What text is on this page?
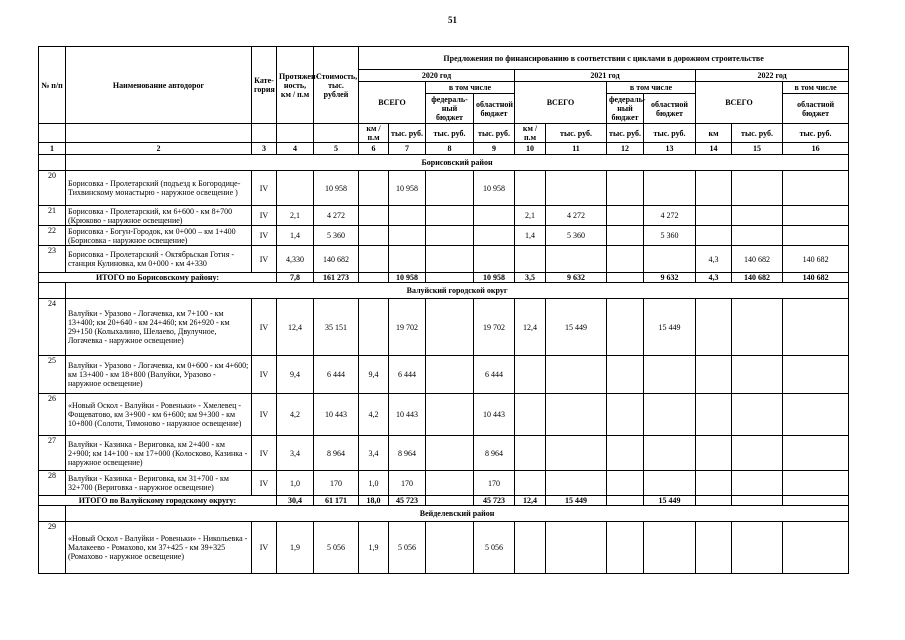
51
№ п/п	Наименование автодорог	Кате-гория	Протяжен-ность, км / п.м	Стоимость, тыс. рублей	Предложения по финансированию в соответствии с циклами в дорожном строительстве										
					2020 год				2021 год				2022 год		
					ВСЕГО		в том числе		ВСЕГО		в том числе		ВСЕГО		в том числе
							федераль-ный бюджет	областной бюджет			федераль-ный бюджет	областной бюджет			областной бюджет
					км / п.м	тыс. руб.	тыс. руб.	тыс. руб.	км / п.м	тыс. руб.	тыс. руб.	тыс. руб.	км	тыс. руб.	тыс. руб.
1	2	3	4	5	6	7	8	9	10	11	12	13	14	15	16
	Борисовский район														
20	Борисовка - Пролетарский (подъезд к Богородице-Тихвинскому монастырю - наружное освещение )	IV		10 958		10 958		10 958							
21	Борисовка - Пролетарский, км 6+600 - км 8+700 (Крюково - наружное освещение)	IV	2,1	4 272					2,1	4 272		4 272			
22	Борисовка - Богун-Городок, км 0+000 – км 1+400 (Борисовка - наружное освещение)	IV	1,4	5 360					1,4	5 360		5 360			
23	Борисовка - Пролетарский - Октябрьская Готня - станция Кулиновка, км 0+000 - км 4+330	IV	4,330	140 682									4,3	140 682	140 682
ИТОГО по Борисовскому району:			7,8	161 273		10 958		10 958	3,5	9 632		9 632	4,3	140 682	140 682
	Валуйский городской округ														
24	Валуйки - Уразово - Логачевка, км 7+100 - км 13+400; км 20+640 - км 24+460; км 26+920 - км 29+150 (Колыхалино, Шелаево, Двулучное, Логачевка - наружное освещение)	IV	12,4	35 151		19 702		19 702	12,4	15 449		15 449			
25	Валуйки - Уразово - Логачевка, км 0+600 - км 4+600; км 13+400 - км 18+800 (Валуйки, Уразово - наружное освещение)	IV	9,4	6 444	9,4	6 444		6 444							
26	«Новый Оскол - Валуйки - Ровеньки» - Хмелевец - Фощеватово, км 3+900 - км 6+600; км 9+300 - км 10+800 (Солоти, Тимоново - наружное освещение)	IV	4,2	10 443	4,2	10 443		10 443							
27	Валуйки - Казинка - Вериговка, км 2+400 - км 2+900; км 14+100 - км 17+000 (Колосково, Казинка - наружное освещение)	IV	3,4	8 964	3,4	8 964		8 964							
28	Валуйки - Казинка - Вериговка, км 31+700 - км 32+700 (Вериговка - наружное освещение)	IV	1,0	170	1,0	170		170							
ИТОГО по Валуйскому городскому округу:			30,4	61 171	18,0	45 723		45 723	12,4	15 449		15 449			
	Вейделевский район														
29	«Новый Оскол - Валуйки - Ровеньки» - Никольевка - Малакеево - Ромахово, км 37+425 - км 39+325 (Ромахово - наружное освещение)	IV	1,9	5 056	1,9	5 056		5 056							
